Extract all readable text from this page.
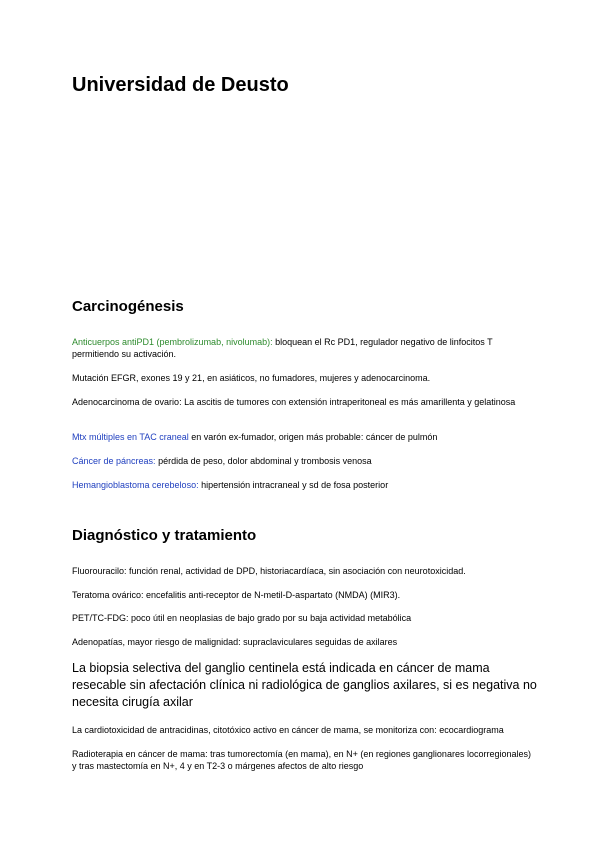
Universidad de Deusto
Carcinogénesis

Anticuerpos antiPD1 (pembrolizumab, nivolumab): bloquean el Rc PD1, regulador negativo de linfocitos T permitiendo su activación.

Mutación EFGR, exones 19 y 21, en asiáticos, no fumadores, mujeres y adenocarcinoma.

Adenocarcinoma de ovario: La ascitis de tumores con extensión intraperitoneal es más amarillenta y gelatinosa

Mtx múltiples en TAC craneal en varón ex-fumador, origen más probable: cáncer de pulmón

Cáncer de páncreas: pérdida de peso, dolor abdominal y trombosis venosa

Hemangioblastoma cerebeloso: hipertensión intracraneal y sd de fosa posterior

Diagnóstico y tratamiento

Fluorouracilo: función renal, actividad de DPD, historiacardíaca, sin asociación con neurotoxicidad.

Teratoma ovárico: encefalitis anti-receptor de N-metil-D-aspartato (NMDA) (MIR3).

PET/TC-FDG: poco útil en neoplasias de bajo grado por su baja actividad metabólica

Adenopatías, mayor riesgo de malignidad: supraclaviculares seguidas de axilares

La biopsia selectiva del ganglio centinela está indicada en cáncer de mama resecable sin afectación clínica ni radiológica de ganglios axilares, si es negativa no necesita cirugía axilar

La cardiotoxicidad de antracidinas, citotóxico activo en cáncer de mama, se monitoriza con: ecocardiograma

Radioterapia en cáncer de mama: tras tumorectomía (en mama), en N+ (en regiones ganglionares locorregionales) y tras mastectomía en N+, 4 y en T2-3 o márgenes afectos de alto riesgo
